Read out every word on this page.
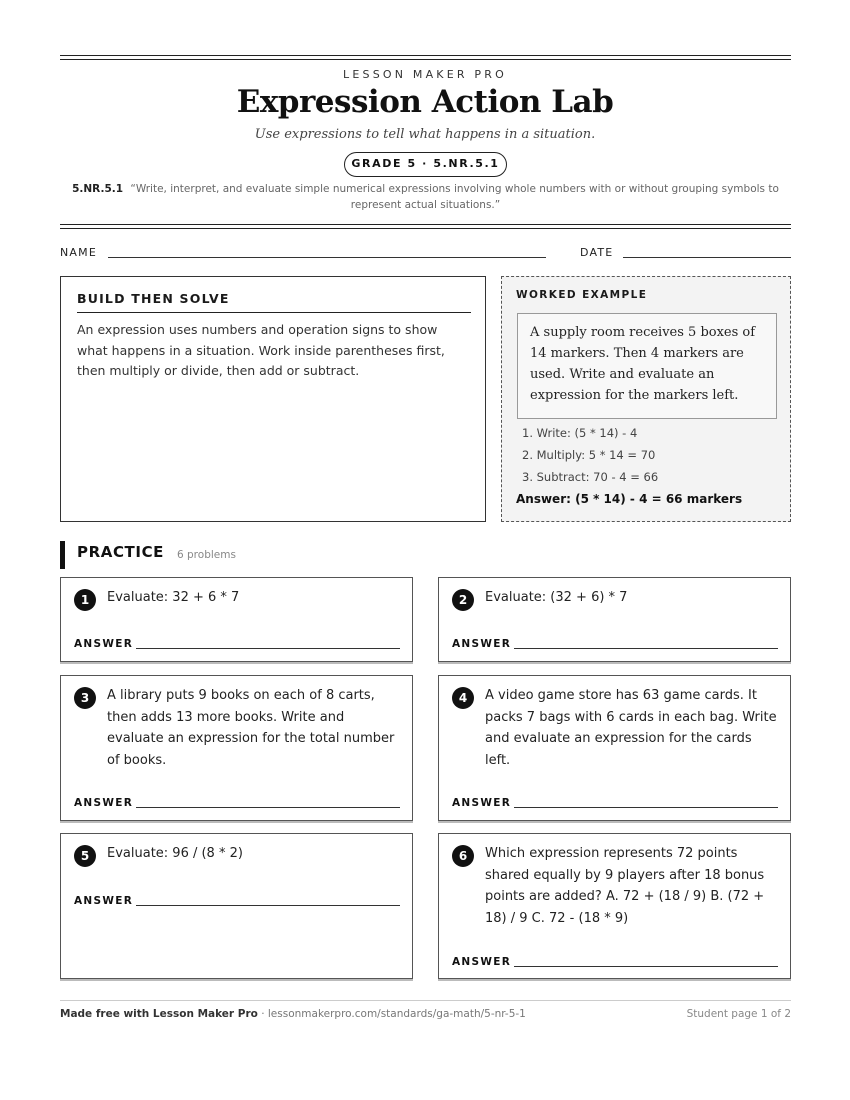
LESSON MAKER PRO
Expression Action Lab
Use expressions to tell what happens in a situation.
GRADE 5 · 5.NR.5.1
5.NR.5.1 “Write, interpret, and evaluate simple numerical expressions involving whole numbers with or without grouping symbols to represent actual situations.”
NAME	DATE
BUILD THEN SOLVE
An expression uses numbers and operation signs to show what happens in a situation. Work inside parentheses first, then multiply or divide, then add or subtract.
WORKED EXAMPLE
A supply room receives 5 boxes of 14 markers. Then 4 markers are used. Write and evaluate an expression for the markers left.
1. Write: (5 * 14) - 4
2. Multiply: 5 * 14 = 70
3. Subtract: 70 - 4 = 66
Answer: (5 * 14) - 4 = 66 markers
PRACTICE 6 problems
1	Evaluate: 32 + 6 * 7
ANSWER
2	Evaluate: (32 + 6) * 7
ANSWER
3	A library puts 9 books on each of 8 carts, then adds 13 more books. Write and evaluate an expression for the total number of books.
ANSWER
4	A video game store has 63 game cards. It packs 7 bags with 6 cards in each bag. Write and evaluate an expression for the cards left.
ANSWER
5	Evaluate: 96 / (8 * 2)
ANSWER
6	Which expression represents 72 points shared equally by 9 players after 18 bonus points are added? A. 72 + (18 / 9) B. (72 + 18) / 9 C. 72 - (18 * 9)
ANSWER
Made free with Lesson Maker Pro · lessonmakerpro.com/standards/ga-math/5-nr-5-1	Student page 1 of 2
